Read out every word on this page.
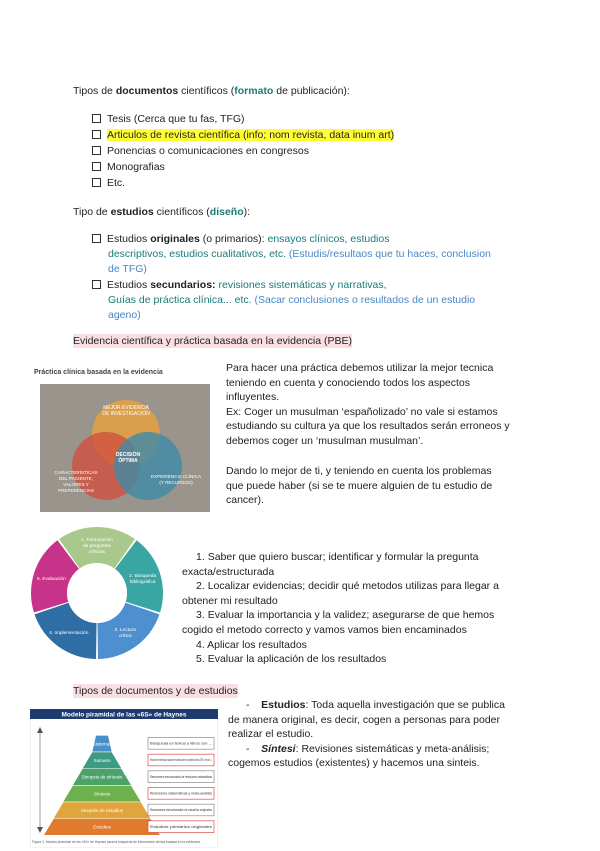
Tipos de documentos científicos (formato de publicación):
Tesis (Cerca que tu fas, TFG)
Articulos de revista científica (info; nom revista, data inum art)
Ponencias o comunicaciones en congresos
Monografias
Etc.
Tipo de estudios científicos (diseño):
Estudios originales (o primarios): ensayos clínicos, estudios
descriptivos, estudios cualitativos, etc. (Estudis/resultaos que tu haces, conclusion
de TFG)
Estudios secundarios: revisiones sistemáticas y narrativas,
Guías de práctica clínica... etc. (Sacar conclusiones o resultados de un estudio
ageno)
Evidencia científica y práctica basada en la evidencia (PBE)
Práctica clínica basada en la evidencia
MEJOR EVIDENCIA
DE INVESTIGACIÓN
CARACTERÍSTICAS
DEL PACIENTE,
VALORES Y
PREFERENCIAS
EXPERIENCIA CLÍNICA
(Y RECURSOS)
DECISIÓN
ÓPTIMA
Para hacer una práctica debemos utilizar la mejor tecnica
teniendo en cuenta y conociendo todos los aspectos
influyentes.
Ex: Coger un musulman ‘españolizado’ no vale si estamos
estudiando su cultura ya que los resultados serán erroneos y
debemos coger un ‘musulman musulman’.
Dando lo mejor de ti, y teniendo en cuenta los problemas
que puede haber (si se te muere alguien de tu estudio de
cancer).
1. Formulación
de preguntas
clínicas
2. Búsqueda
bibliográfica
3. Lectura
crítica
4. Implementación
5. Evaluación
1. Saber que quiero buscar; identificar y formular la pregunta
exacta/estructurada
2. Localizar evidencias; decidir qué metodos utilizas para llegar a
obtener mi resultado
3. Evaluar la importancia y la validez; asegurarse de que hemos
cogido el metodo correcto y vamos vamos bien encaminados
4. Aplicar los resultados
5. Evaluar la aplicación de los resultados
Tipos de documentos y de estudios
Modelo piramidal de las «6S» de Haynes
Sistemas
Sumario
Sinopsis de síntesis
Síntesis
Sinopsis de estudios
Estudios
Búsqueda en textos y libros con ...
Resumen de información basada en evidencia sobre un problema clínico (GPC, texto de ...)
Resúmenes estructurados de revisiones sistemáticas
Revisiones sistemáticas y meta-análisis
Resúmenes estructurados de estudios originales
Estudios primarios originales
Figura 1. Modelo piramidal de las «6S» de Haynes para la búsqueda de información clínica basada en la evidencia.
-    Estudios: Toda aquella investigación que se publica
de manera original, es decir, cogen a personas para poder
realizar el estudio.
-    Síntesi: Revisiones sistemáticas y meta-análisis;
cogemos estudios (existentes) y hacemos una sinteis.
